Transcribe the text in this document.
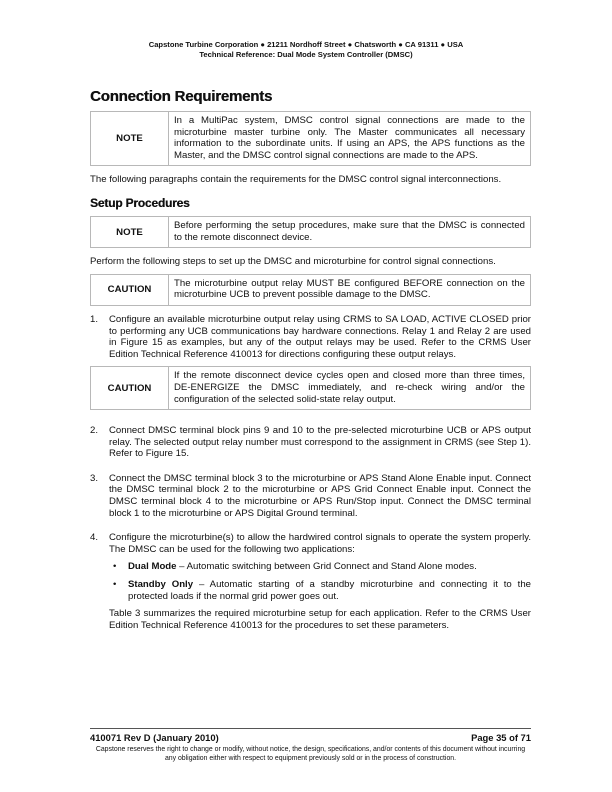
Capstone Turbine Corporation ● 21211 Nordhoff Street ● Chatsworth ● CA 91311 ● USA
Technical Reference: Dual Mode System Controller (DMSC)
Connection Requirements
NOTE
In a MultiPac system, DMSC control signal connections are made to the microturbine master turbine only. The Master communicates all necessary information to the subordinate units. If using an APS, the APS functions as the Master, and the DMSC control signal connections are made to the APS.
The following paragraphs contain the requirements for the DMSC control signal interconnections.
Setup Procedures
NOTE
Before performing the setup procedures, make sure that the DMSC is connected to the remote disconnect device.
Perform the following steps to set up the DMSC and microturbine for control signal connections.
CAUTION
The microturbine output relay MUST BE configured BEFORE connection on the microturbine UCB to prevent possible damage to the DMSC.
1.	Configure an available microturbine output relay using CRMS to SA LOAD, ACTIVE CLOSED prior to performing any UCB communications bay hardware connections. Relay 1 and Relay 2 are used in Figure 15 as examples, but any of the output relays may be used. Refer to the CRMS User Edition Technical Reference 410013 for directions configuring these output relays.
CAUTION
If the remote disconnect device cycles open and closed more than three times, DE-ENERGIZE the DMSC immediately, and re-check wiring and/or the configuration of the selected solid-state relay output.
2.	Connect DMSC terminal block pins 9 and 10 to the pre-selected microturbine UCB or APS output relay. The selected output relay number must correspond to the assignment in CRMS (see Step 1). Refer to Figure 15.
3.	Connect the DMSC terminal block 3 to the microturbine or APS Stand Alone Enable input. Connect the DMSC terminal block 2 to the microturbine or APS Grid Connect Enable input. Connect the DMSC terminal block 4 to the microturbine or APS Run/Stop input. Connect the DMSC terminal block 1 to the microturbine or APS Digital Ground terminal.
4.	Configure the microturbine(s) to allow the hardwired control signals to operate the system properly. The DMSC can be used for the following two applications:
•	Dual Mode – Automatic switching between Grid Connect and Stand Alone modes.
•	Standby Only – Automatic starting of a standby microturbine and connecting it to the protected loads if the normal grid power goes out.
Table 3 summarizes the required microturbine setup for each application. Refer to the CRMS User Edition Technical Reference 410013 for the procedures to set these parameters.
410071 Rev D (January 2010)	Page 35 of 71
Capstone reserves the right to change or modify, without notice, the design, specifications, and/or contents of this document without incurring any obligation either with respect to equipment previously sold or in the process of construction.
